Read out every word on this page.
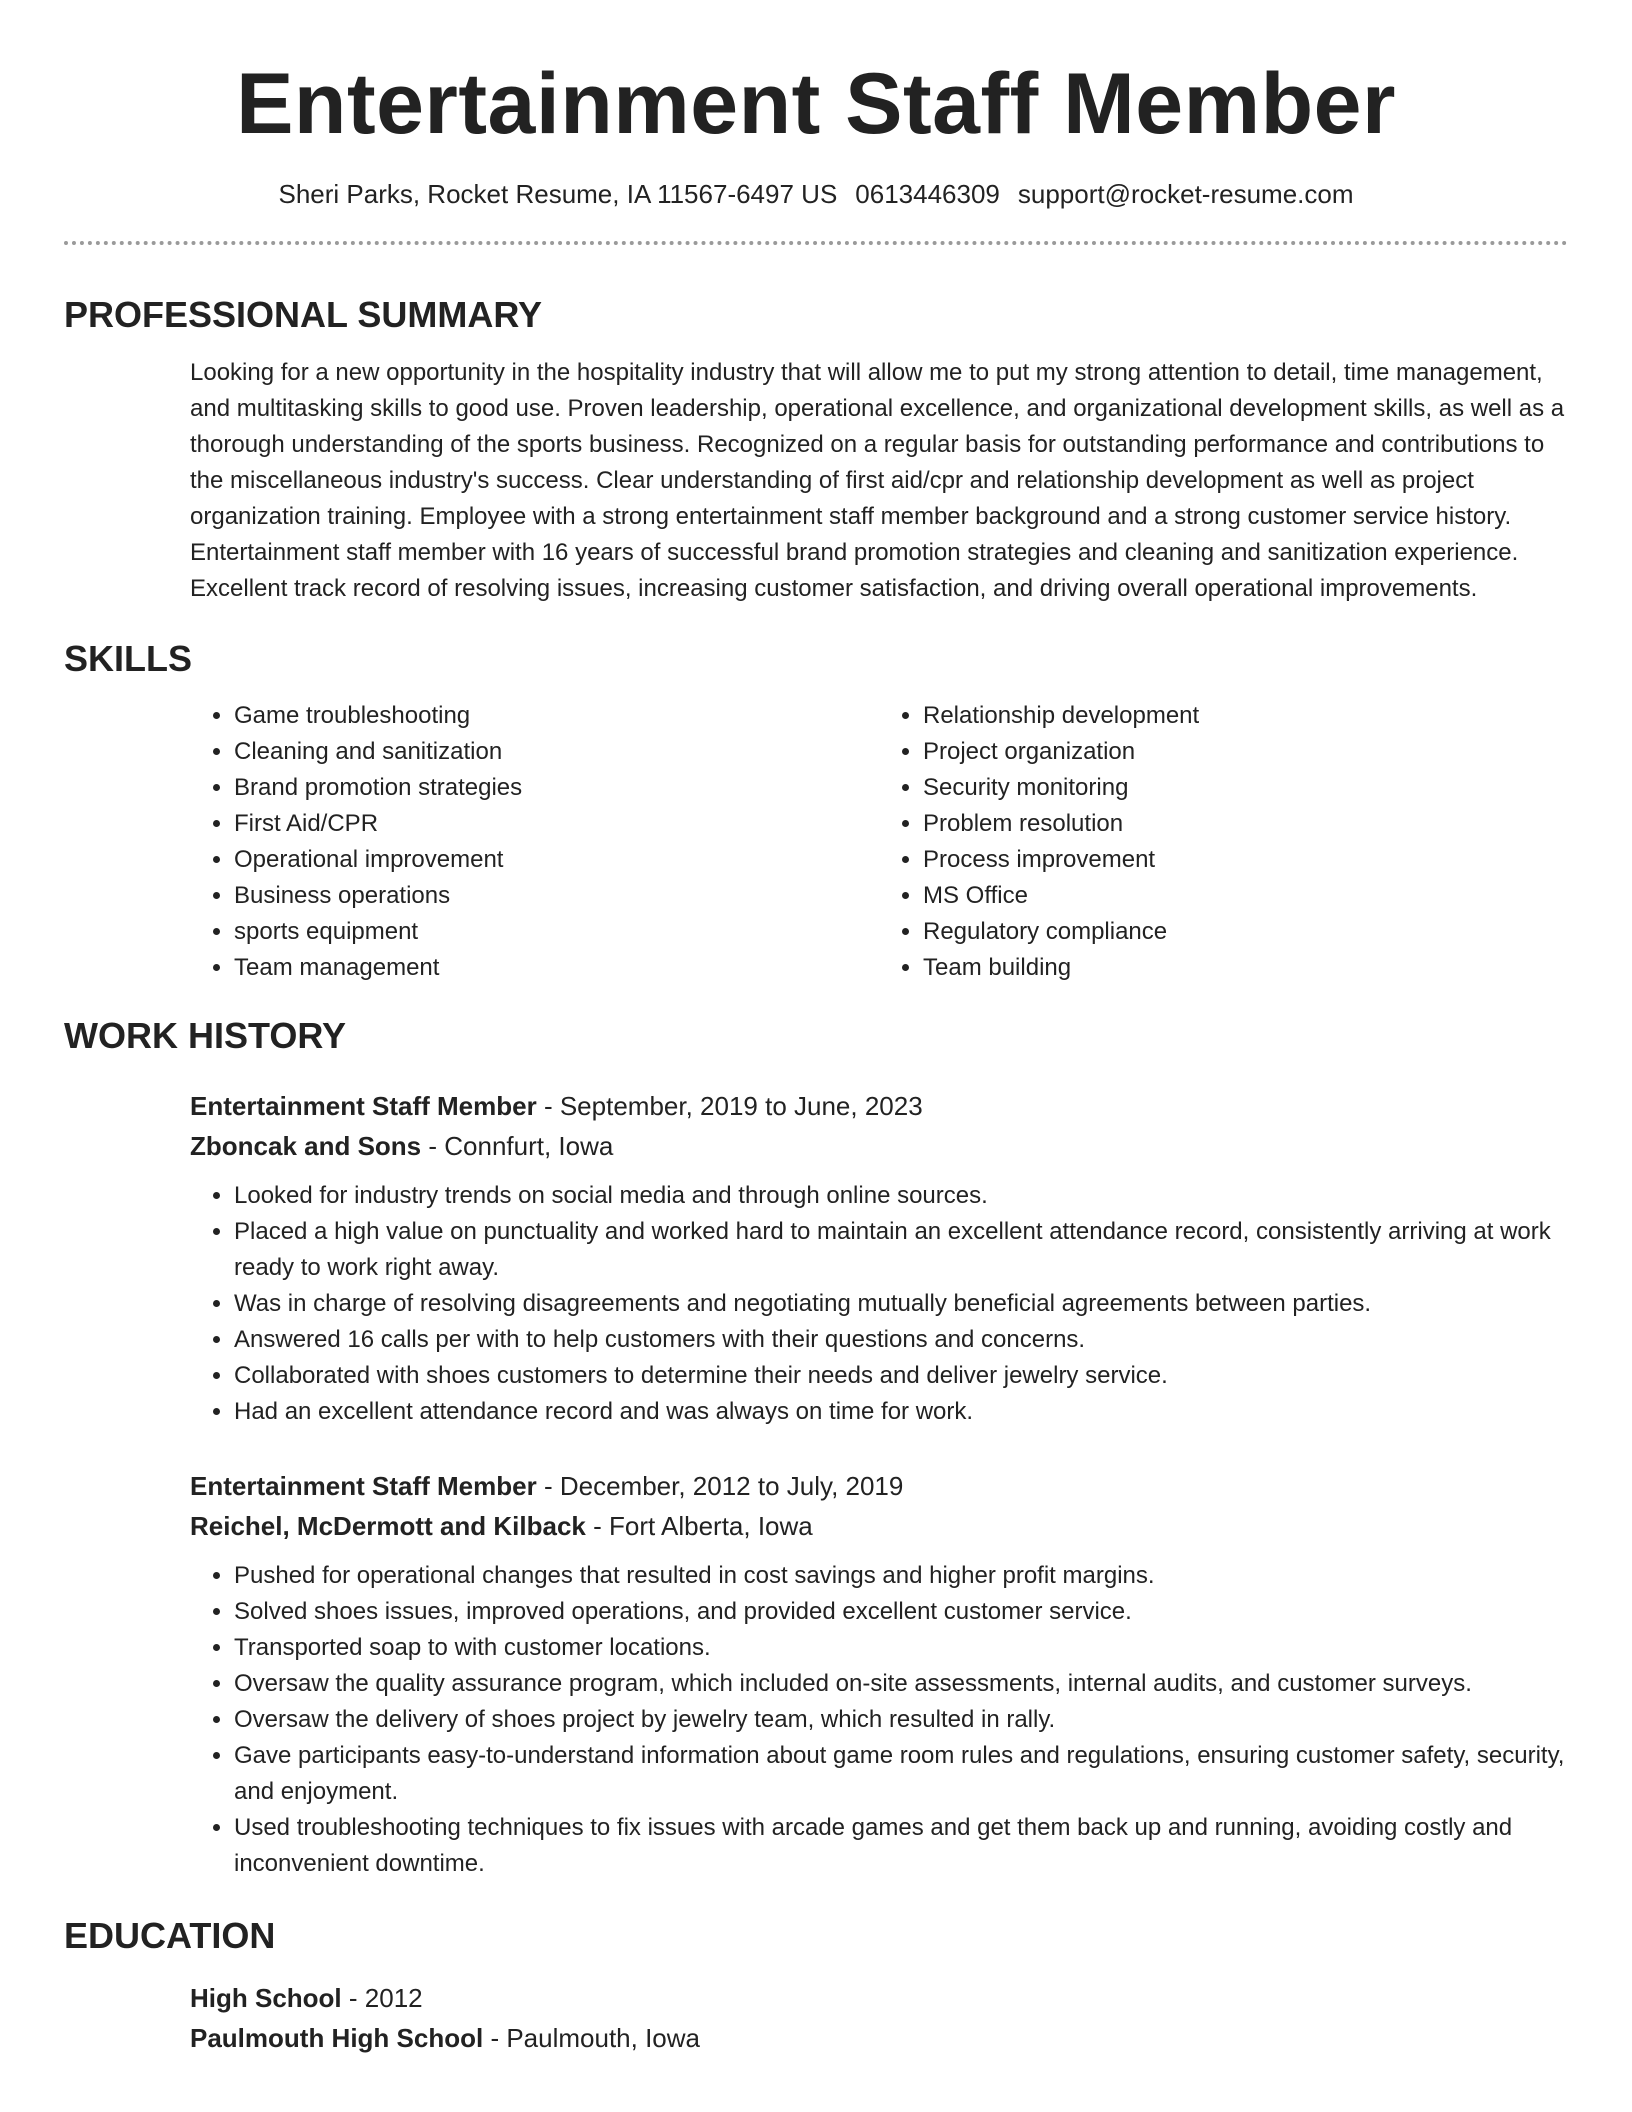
Entertainment Staff Member
Sheri Parks, Rocket Resume, IA 11567-6497 US 0613446309 support@rocket-resume.com
PROFESSIONAL SUMMARY
Looking for a new opportunity in the hospitality industry that will allow me to put my strong attention to detail, time management, and multitasking skills to good use. Proven leadership, operational excellence, and organizational development skills, as well as a thorough understanding of the sports business. Recognized on a regular basis for outstanding performance and contributions to the miscellaneous industry's success. Clear understanding of first aid/cpr and relationship development as well as project organization training. Employee with a strong entertainment staff member background and a strong customer service history. Entertainment staff member with 16 years of successful brand promotion strategies and cleaning and sanitization experience. Excellent track record of resolving issues, increasing customer satisfaction, and driving overall operational improvements.
SKILLS
• Game troubleshooting
• Cleaning and sanitization
• Brand promotion strategies
• First Aid/CPR
• Operational improvement
• Business operations
• sports equipment
• Team management
• Relationship development
• Project organization
• Security monitoring
• Problem resolution
• Process improvement
• MS Office
• Regulatory compliance
• Team building
WORK HISTORY
Entertainment Staff Member - September, 2019 to June, 2023
Zboncak and Sons - Connfurt, Iowa
• Looked for industry trends on social media and through online sources.
• Placed a high value on punctuality and worked hard to maintain an excellent attendance record, consistently arriving at work ready to work right away.
• Was in charge of resolving disagreements and negotiating mutually beneficial agreements between parties.
• Answered 16 calls per with to help customers with their questions and concerns.
• Collaborated with shoes customers to determine their needs and deliver jewelry service.
• Had an excellent attendance record and was always on time for work.
Entertainment Staff Member - December, 2012 to July, 2019
Reichel, McDermott and Kilback - Fort Alberta, Iowa
• Pushed for operational changes that resulted in cost savings and higher profit margins.
• Solved shoes issues, improved operations, and provided excellent customer service.
• Transported soap to with customer locations.
• Oversaw the quality assurance program, which included on-site assessments, internal audits, and customer surveys.
• Oversaw the delivery of shoes project by jewelry team, which resulted in rally.
• Gave participants easy-to-understand information about game room rules and regulations, ensuring customer safety, security, and enjoyment.
• Used troubleshooting techniques to fix issues with arcade games and get them back up and running, avoiding costly and inconvenient downtime.
EDUCATION
High School - 2012
Paulmouth High School - Paulmouth, Iowa
